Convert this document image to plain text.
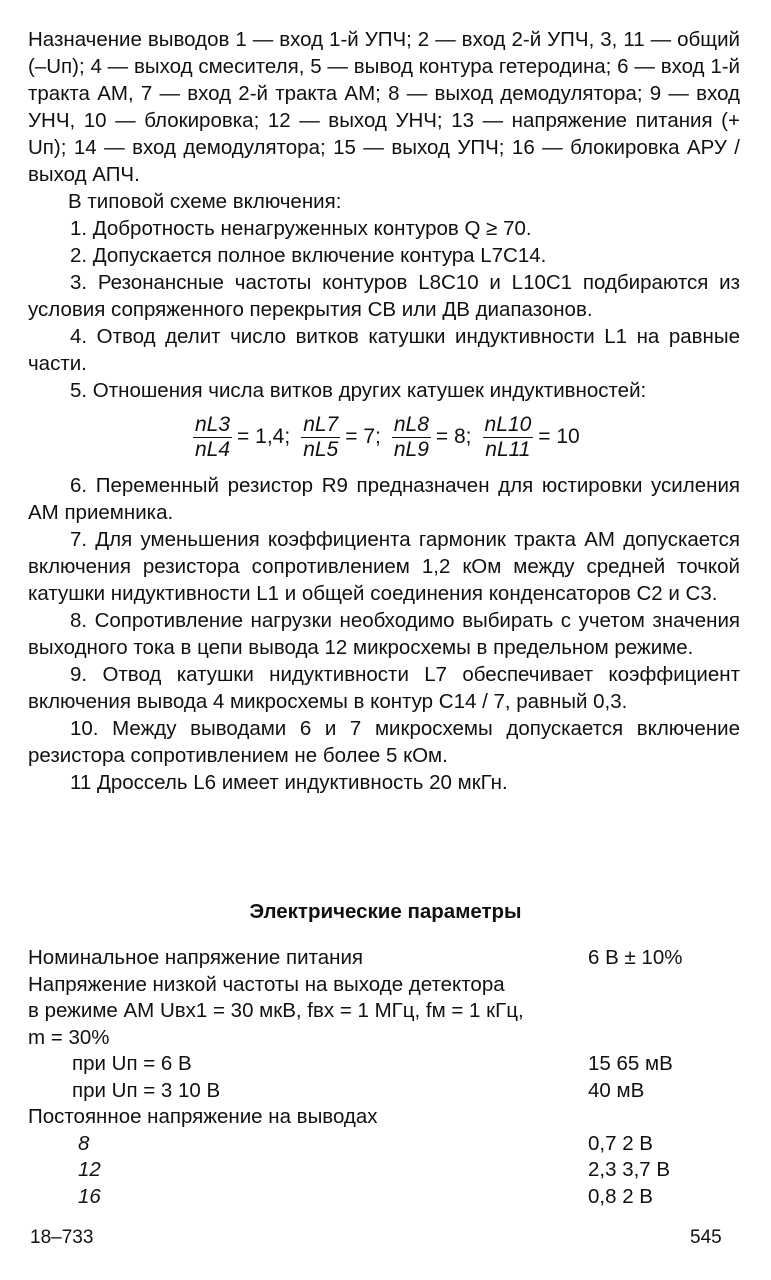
Назначение выводов 1 — вход 1-й УПЧ; 2 — вход 2-й УПЧ, 3, 11 — общий (–Uп); 4 — выход смесителя, 5 — вывод контура гетеродина; 6 — вход 1-й тракта АМ, 7 — вход 2-й тракта АМ; 8 — выход демодулятора; 9 — вход УНЧ, 10 — блокировка; 12 — выход УНЧ; 13 — напряжение питания (+ Uп); 14 — вход демодулятора; 15 — выход УПЧ; 16 — блокировка АРУ / выход АПЧ.

В типовой схеме включения:

1. Добротность ненагруженных контуров Q ≥ 70.

2. Допускается полное включение контура L7C14.

3. Резонансные частоты контуров L8C10 и L10C1 подбираются из условия сопряженного перекрытия СВ или ДВ диапазонов.

4. Отвод делит число витков катушки индуктивности L1 на равные части.

5. Отношения числа витков других катушек индуктивностей:

$\frac{nL3}{nL4} = 1,4$; $\frac{nL7}{nL5} = 7$; $\frac{nL8}{nL9} = 8$; $\frac{nL10}{nL11} = 10$

6. Переменный резистор R9 предназначен для юстировки усиления АМ приемника.

7. Для уменьшения коэффициента гармоник тракта АМ допускается включения резистора сопротивлением 1,2 кОм между средней точкой катушки нидуктивности L1 и общей соединения конденсаторов C2 и C3.

8. Сопротивление нагрузки необходимо выбирать с учетом значения выходного тока в цепи вывода 12 микросхемы в предельном режиме.

9. Отвод катушки нидуктивности L7 обеспечивает коэффициент включения вывода 4 микросхемы в контур C14 / 7, равный 0,3.

10. Между выводами 6 и 7 микросхемы допускается включение резистора сопротивлением не более 5 кОм.

11 Дроссель L6 имеет индуктивность 20 мкГн.

Электрические параметры
Номинальное напряжение питания	6 В ± 10%
Напряжение низкой частоты на выходе детектора
в режиме АМ Uвх1 = 30 мкВ, fвх = 1 МГц, fм = 1 кГц,
m = 30%
при Uп = 6 В	15 65 мВ
при Uп = 3 10 В	40 мВ
Постоянное напряжение на выводах
8	0,7 2 В
12	2,3 3,7 В
16	0,8 2 В
18–733	545
